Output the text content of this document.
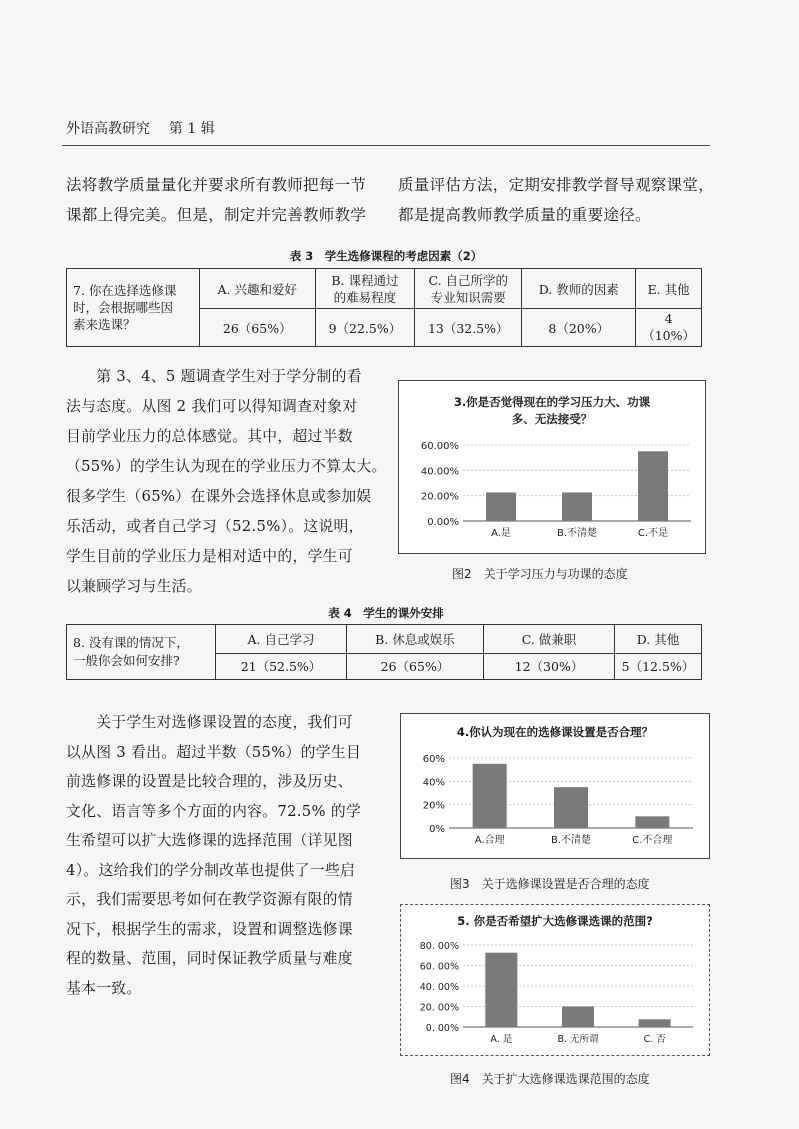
外语高教研究 第 1 辑

法将教学质量量化并要求所有教师把每一节
课都上得完美。但是，制定并完善教师教学

质量评估方法，定期安排教学督导观察课堂，
都是提高教师教学质量的重要途径。

表 3　学生选修课程的考虑因素（2）
7. 你在选择选修课
时，会根据哪些因
素来选课？	A. 兴趣和爱好	B. 课程通过
的难易程度	C. 自己所学的
专业知识需要	D. 教师的因素	E. 其他
	26（65%）	9（22.5%）	13（32.5%）	8（20%）	4（10%）

　　第 3、4、5 题调查学生对于学分制的看
法与态度。从图 2 我们可以得知调查对象对
目前学业压力的总体感觉。其中，超过半数
（55%）的学生认为现在的学业压力不算太大。
很多学生（65%）在课外会选择休息或参加娱
乐活动，或者自己学习（52.5%）。这说明，
学生目前的学业压力是相对适中的，学生可
以兼顾学习与生活。

3.你是否觉得现在的学习压力大、功课
多、无法接受？
0.00%
20.00%
40.00%
60.00%
A.是	B.不清楚	C.不是
图2　关于学习压力与功课的态度
表 4　学生的课外安排
8. 没有课的情况下，
一般你会如何安排?	A. 自己学习	B. 休息或娱乐	C. 做兼职	D. 其他
	21（52.5%）	26（65%）	12（30%）	5（12.5%）

　　关于学生对选修课设置的态度，我们可
以从图 3 看出。超过半数（55%）的学生目
前选修课的设置是比较合理的，涉及历史、
文化、语言等多个方面的内容。72.5% 的学
生希望可以扩大选修课的选择范围（详见图
4）。这给我们的学分制改革也提供了一些启
示，我们需要思考如何在教学资源有限的情
况下，根据学生的需求，设置和调整选修课
程的数量、范围，同时保证教学质量与难度
基本一致。

4.你认为现在的选修课设置是否合理？
0%
20%
40%
60%
A.合理	B.不清楚	C.不合理
图3　关于选修课设置是否合理的态度
5. 你是否希望扩大选修课选课的范围?
0. 00%
20. 00%
40. 00%
60. 00%
80. 00%
A. 是	B. 无所谓	C. 否
图4　关于扩大选修课选课范围的态度
